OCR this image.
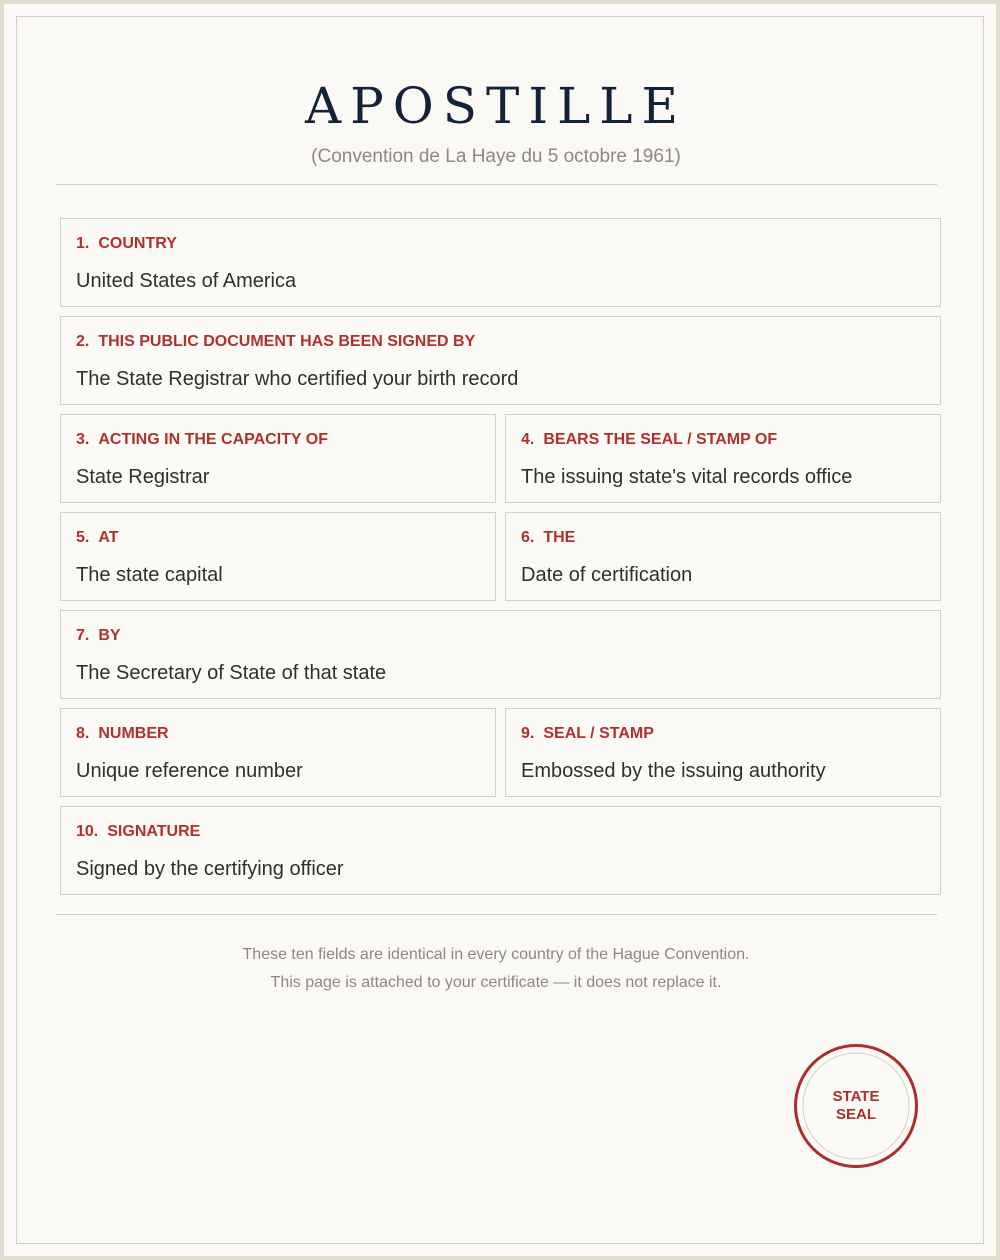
APOSTILLE
(Convention de La Haye du 5 octobre 1961)
1. COUNTRY
United States of America
2. THIS PUBLIC DOCUMENT HAS BEEN SIGNED BY
The State Registrar who certified your birth record
3. ACTING IN THE CAPACITY OF
State Registrar
4. BEARS THE SEAL / STAMP OF
The issuing state's vital records office
5. AT
The state capital
6. THE
Date of certification
7. BY
The Secretary of State of that state
8. NUMBER
Unique reference number
9. SEAL / STAMP
Embossed by the issuing authority
10. SIGNATURE
Signed by the certifying officer
These ten fields are identical in every country of the Hague Convention.
This page is attached to your certificate — it does not replace it.
STATE
SEAL
